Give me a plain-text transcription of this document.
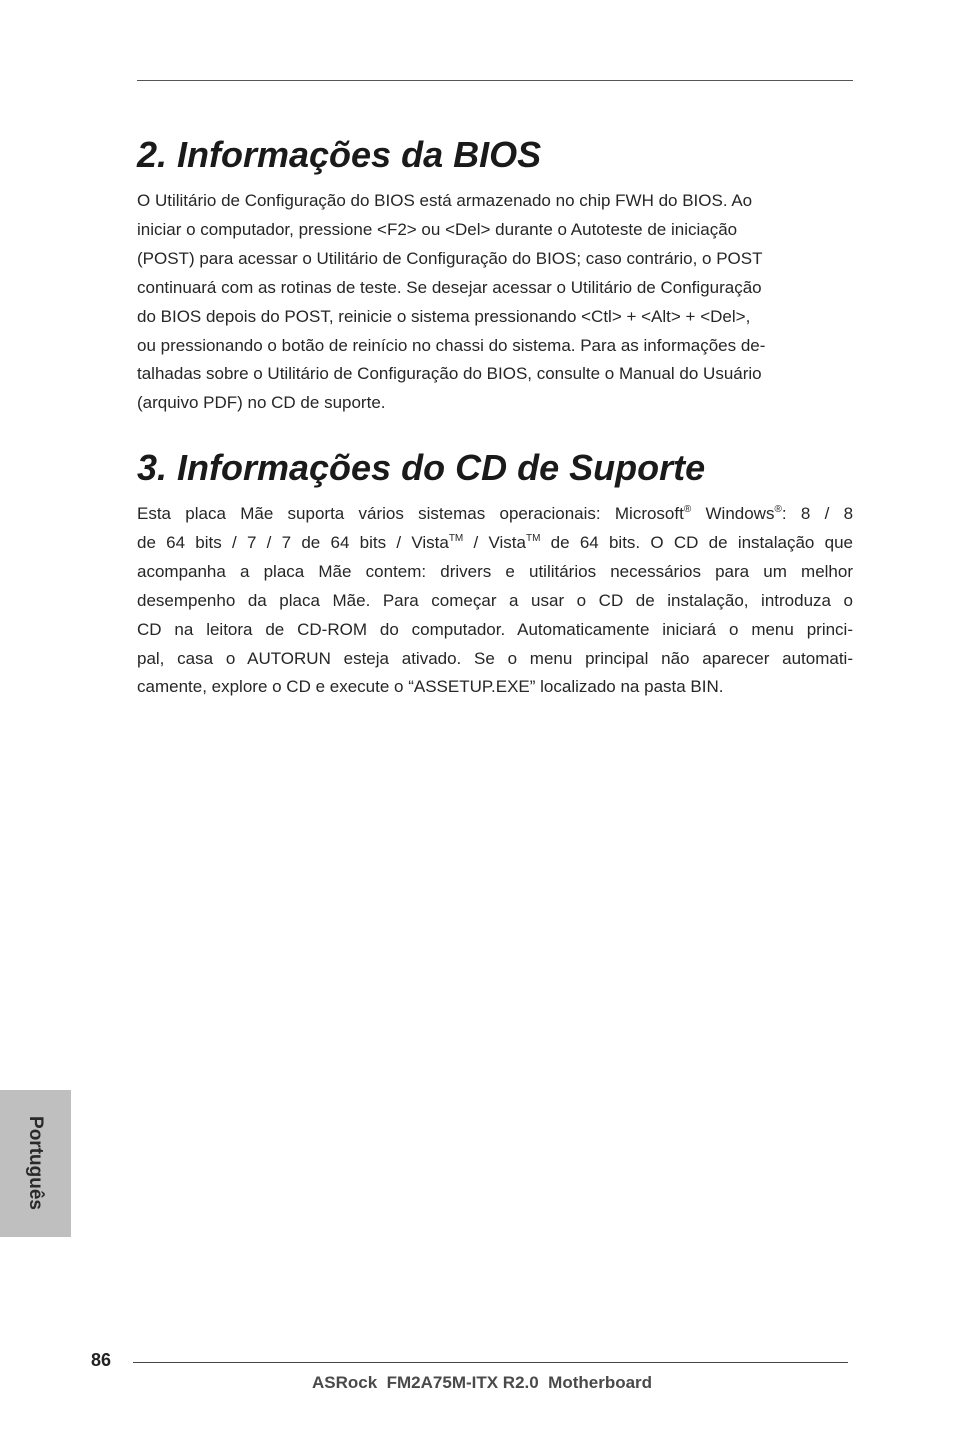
2. Informações da BIOS

O Utilitário de Configuração do BIOS está armazenado no chip FWH do BIOS. Ao
iniciar o computador, pressione <F2> ou <Del> durante o Autoteste de iniciação
(POST) para acessar o Utilitário de Configuração do BIOS; caso contrário, o POST
continuará com as rotinas de teste. Se desejar acessar o Utilitário de Configuração
do BIOS depois do POST, reinicie o sistema pressionando <Ctl> + <Alt> + <Del>,
ou pressionando o botão de reinício no chassi do sistema. Para as informações de-
talhadas sobre o Utilitário de Configuração do BIOS, consulte o Manual do Usuário
(arquivo PDF) no CD de suporte.

3. Informações do CD de Suporte

Esta placa Mãe suporta vários sistemas operacionais: Microsoft® Windows®: 8 / 8
de 64 bits / 7 / 7 de 64 bits / Vista™ / Vista™ de 64 bits. O CD de instalação que
acompanha a placa Mãe contem: drivers e utilitários necessários para um melhor
desempenho da placa Mãe. Para começar a usar o CD de instalação, introduza o
CD na leitora de CD-ROM do computador. Automaticamente iniciará o menu princi-
pal, casa o AUTORUN esteja ativado. Se o menu principal não aparecer automati-
camente, explore o CD e execute o “ASSETUP.EXE” localizado na pasta BIN.

Português
86
ASRock  FM2A75M-ITX R2.0  Motherboard
